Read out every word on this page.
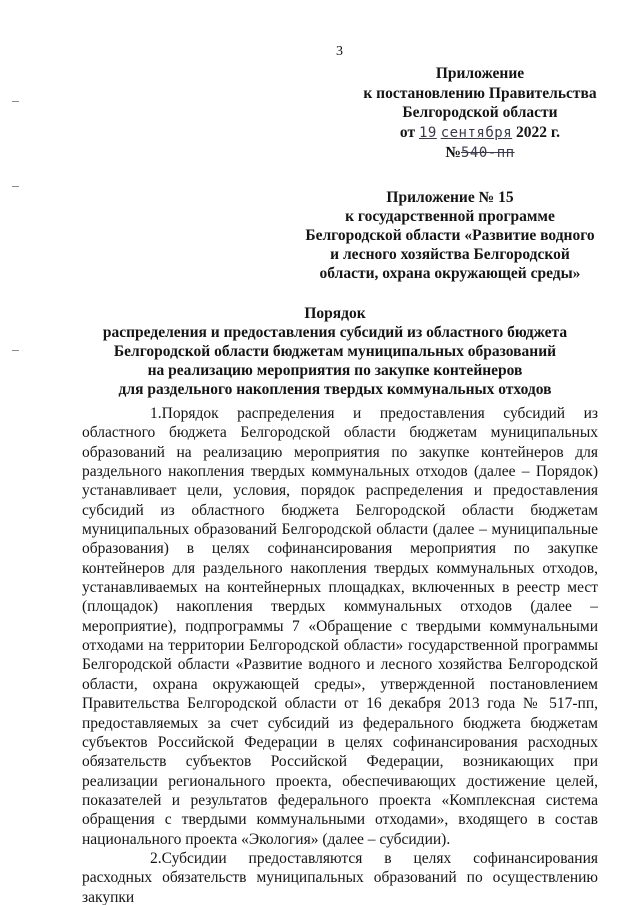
3
Приложение
к постановлению Правительства
Белгородской области
от 19 сентября 2022 г.
№540-пп
Приложение № 15
к государственной программе
Белгородской области «Развитие водного
и лесного хозяйства Белгородской
области, охрана окружающей среды»
Порядок
распределения и предоставления субсидий из областного бюджета
Белгородской области бюджетам муниципальных образований
на реализацию мероприятия по закупке контейнеров
для раздельного накопления твердых коммунальных отходов

1.Порядок распределения и предоставления субсидий из областного бюджета Белгородской области бюджетам муниципальных образований на реализацию мероприятия по закупке контейнеров для раздельного накопления твердых коммунальных отходов (далее – Порядок) устанавливает цели, условия, порядок распределения и предоставления субсидий из областного бюджета Белгородской области бюджетам муниципальных образований Белгородской области (далее – муниципальные образования) в целях софинансирования мероприятия по закупке контейнеров для раздельного накопления твердых коммунальных отходов, устанавливаемых на контейнерных площадках, включенных в реестр мест (площадок) накопления твердых коммунальных отходов (далее – мероприятие), подпрограммы 7 «Обращение с твердыми коммунальными отходами на территории Белгородской области» государственной программы Белгородской области «Развитие водного и лесного хозяйства Белгородской области, охрана окружающей среды», утвержденной постановлением Правительства Белгородской области от 16 декабря 2013 года № 517-пп, предоставляемых за счет субсидий из федерального бюджета бюджетам субъектов Российской Федерации в целях софинансирования расходных обязательств субъектов Российской Федерации, возникающих при реализации регионального проекта, обеспечивающих достижение целей, показателей и результатов федерального проекта «Комплексная система обращения с твердыми коммунальными отходами», входящего в состав национального проекта «Экология» (далее – субсидии).

2.Субсидии предоставляются в целях софинансирования расходных обязательств муниципальных образований по осуществлению закупки
